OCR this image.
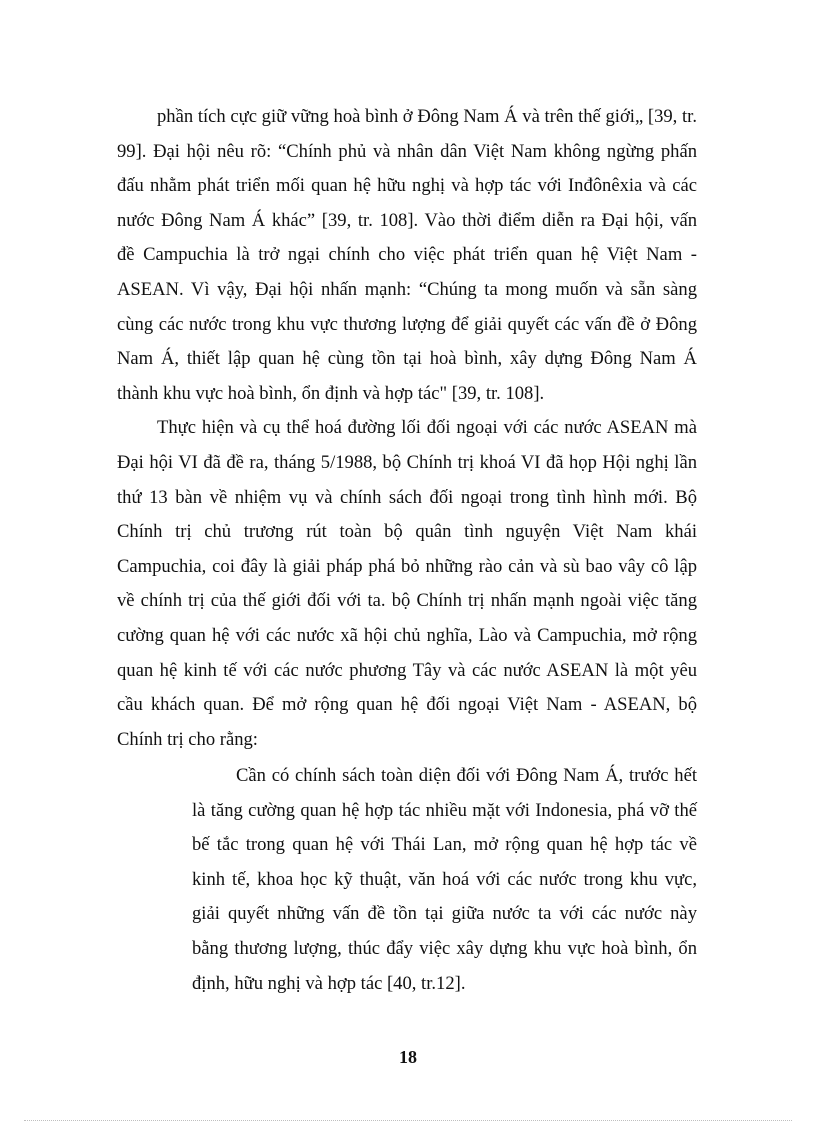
phần tích cực giữ vững hoà bình ở Đông Nam Á và trên thế giới„ [39, tr.
99]. Đại hội nêu rõ: “Chính phủ và nhân dân Việt Nam không ngừng phấn
đấu nhằm phát triển mối quan hệ hữu nghị và hợp tác với Inđônêxia và các
nước Đông Nam Á khác” [39, tr. 108]. Vào thời điểm diễn ra Đại hội, vấn
đề Campuchia là trở ngại chính cho việc phát triển quan hệ Việt Nam -
ASEAN. Vì vậy, Đại hội nhấn mạnh: “Chúng ta mong muốn và sẵn sàng
cùng các nước trong khu vực thương lượng để giải quyết các vấn đề ở Đông
Nam Á, thiết lập quan hệ cùng tồn tại hoà bình, xây dựng Đông Nam Á
thành khu vực hoà bình, ổn định và hợp tác" [39, tr. 108].
Thực hiện và cụ thể hoá đường lối đối ngoại với các nước ASEAN mà
Đại hội VI đã đề ra, tháng 5/1988, bộ Chính trị khoá VI đã họp Hội nghị lần
thứ 13 bàn về nhiệm vụ và chính sách đối ngoại trong tình hình mới. Bộ
Chính trị chủ trương rút toàn bộ quân tình nguyện Việt Nam khái
Campuchia, coi đây là giải pháp phá bỏ những rào cản và sù bao vây cô lập
về chính trị của thế giới đối với ta. bộ Chính trị nhấn mạnh ngoài việc tăng
cường quan hệ với các nước xã hội chủ nghĩa, Lào và Campuchia, mở rộng
quan hệ kinh tế với các nước phương Tây và các nước ASEAN là một yêu
cầu khách quan. Để mở rộng quan hệ đối ngoại Việt Nam - ASEAN, bộ
Chính trị cho rằng:
Cần có chính sách toàn diện đối với Đông Nam Á, trước hết
là tăng cường quan hệ hợp tác nhiều mặt với Indonesia, phá vỡ thế
bế tắc trong quan hệ với Thái Lan, mở rộng quan hệ hợp tác về
kinh tế, khoa học kỹ thuật, văn hoá với các nước trong khu vực,
giải quyết những vấn đề tồn tại giữa nước ta với các nước này
bằng thương lượng, thúc đẩy việc xây dựng khu vực hoà bình, ổn
định, hữu nghị và hợp tác [40, tr.12].
18
